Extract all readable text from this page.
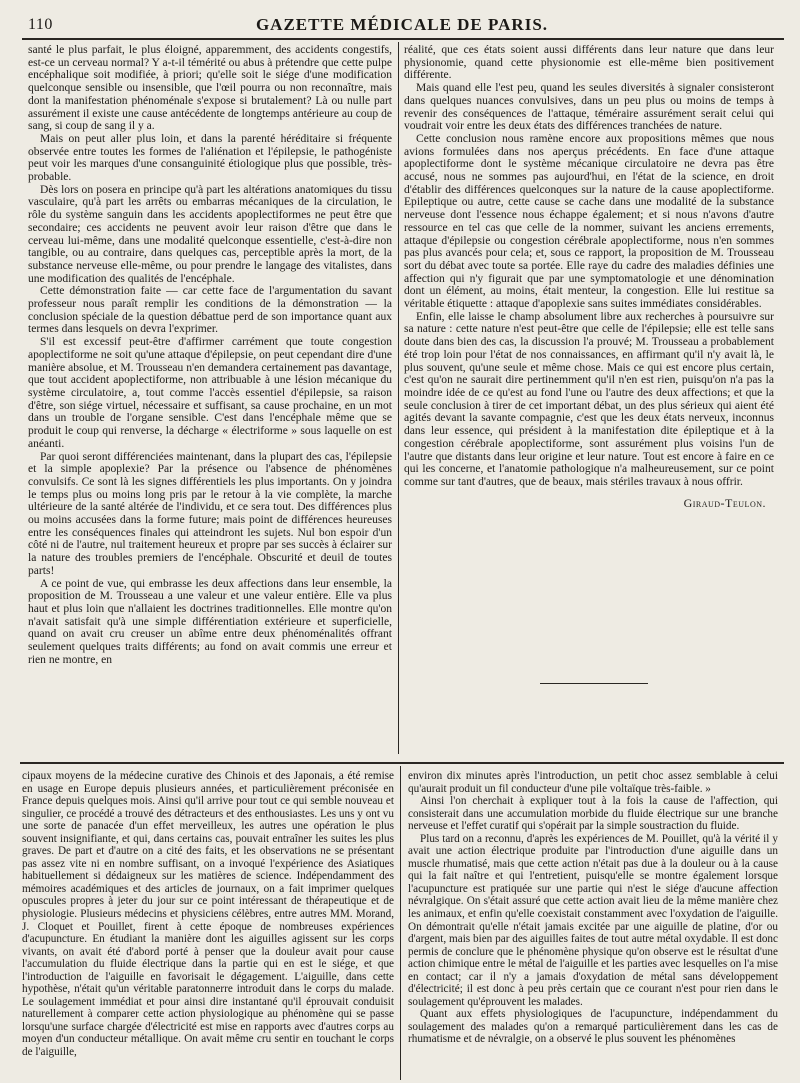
110	GAZETTE MÉDICALE DE PARIS.

santé le plus parfait, le plus éloigné, apparemment, des accidents congestifs, est-ce un cerveau normal? Y a-t-il témérité ou abus à prétendre que cette pulpe encéphalique soit modifiée, à priori; qu'elle soit le siége d'une modification quelconque sensible ou insensible, que l'œil pourra ou non reconnaître, mais dont la manifestation phénoménale s'expose si brutalement? Là ou nulle part assurément il existe une cause antécédente de longtemps antérieure au coup de sang, si coup de sang il y a.

Mais on peut aller plus loin, et dans la parenté héréditaire si fréquente observée entre toutes les formes de l'aliénation et l'épilepsie, le pathogéniste peut voir les marques d'une consanguinité étiologique plus que possible, très-probable.

Dès lors on posera en principe qu'à part les altérations anatomiques du tissu vasculaire, qu'à part les arrêts ou embarras mécaniques de la circulation, le rôle du système sanguin dans les accidents apoplectiformes ne peut être que secondaire; ces accidents ne peuvent avoir leur raison d'être que dans le cerveau lui-même, dans une modalité quelconque essentielle, c'est-à-dire non tangible, ou au contraire, dans quelques cas, perceptible après la mort, de la substance nerveuse elle-même, ou pour prendre le langage des vitalistes, dans une modification des qualités de l'encéphale.

Cette démonstration faite — car cette face de l'argumentation du savant professeur nous paraît remplir les conditions de la démonstration — la conclusion spéciale de la question débattue perd de son importance quant aux termes dans lesquels on devra l'exprimer.

S'il est excessif peut-être d'affirmer carrément que toute congestion apoplectiforme ne soit qu'une attaque d'épilepsie, on peut cependant dire d'une manière absolue, et M. Trousseau n'en demandera certainement pas davantage, que tout accident apoplectiforme, non attribuable à une lésion mécanique du système circulatoire, a, tout comme l'accès essentiel d'épilepsie, sa raison d'être, son siége virtuel, nécessaire et suffisant, sa cause prochaine, en un mot dans un trouble de l'organe sensible. C'est dans l'encéphale même que se produit le coup qui renverse, la décharge « électriforme » sous laquelle on est anéanti.

Par quoi seront différenciées maintenant, dans la plupart des cas, l'épilepsie et la simple apoplexie? Par la présence ou l'absence de phénomènes convulsifs. Ce sont là les signes différentiels les plus importants. On y joindra le temps plus ou moins long pris par le retour à la vie complète, la marche ultérieure de la santé altérée de l'individu, et ce sera tout. Des différences plus ou moins accusées dans la forme future; mais point de différences heureuses entre les conséquences finales qui atteindront les sujets. Nul bon espoir d'un côté ni de l'autre, nul traitement heureux et propre par ses succès à éclairer sur la nature des troubles premiers de l'encéphale. Obscurité et deuil de toutes parts!

A ce point de vue, qui embrasse les deux affections dans leur ensemble, la proposition de M. Trousseau a une valeur et une valeur entière. Elle va plus haut et plus loin que n'allaient les doctrines traditionnelles. Elle montre qu'on n'avait satisfait qu'à une simple différentiation extérieure et superficielle, quand on avait cru creuser un abîme entre deux phénoménalités offrant seulement quelques traits différents; au fond on avait commis une erreur et rien ne montre, en

réalité, que ces états soient aussi différents dans leur nature que dans leur physionomie, quand cette physionomie est elle-même bien positivement différente.

Mais quand elle l'est peu, quand les seules diversités à signaler consisteront dans quelques nuances convulsives, dans un peu plus ou moins de temps à revenir des conséquences de l'attaque, téméraire assurément serait celui qui voudrait voir entre les deux états des différences tranchées de nature.

Cette conclusion nous ramène encore aux propositions mêmes que nous avions formulées dans nos aperçus précédents. En face d'une attaque apoplectiforme dont le système mécanique circulatoire ne devra pas être accusé, nous ne sommes pas aujourd'hui, en l'état de la science, en droit d'établir des différences quelconques sur la nature de la cause apoplectiforme. Epileptique ou autre, cette cause se cache dans une modalité de la substance nerveuse dont l'essence nous échappe également; et si nous n'avons d'autre ressource en tel cas que celle de la nommer, suivant les anciens errements, attaque d'épilepsie ou congestion cérébrale apoplectiforme, nous n'en sommes pas plus avancés pour cela; et, sous ce rapport, la proposition de M. Trousseau sort du débat avec toute sa portée. Elle raye du cadre des maladies définies une affection qui n'y figurait que par une symptomatologie et une dénomination dont un élément, au moins, était menteur, la congestion. Elle lui restitue sa véritable étiquette : attaque d'apoplexie sans suites immédiates considérables.

Enfin, elle laisse le champ absolument libre aux recherches à poursuivre sur sa nature : cette nature n'est peut-être que celle de l'épilepsie; elle est telle sans doute dans bien des cas, la discussion l'a prouvé; M. Trousseau a probablement été trop loin pour l'état de nos connaissances, en affirmant qu'il n'y avait là, le plus souvent, qu'une seule et même chose. Mais ce qui est encore plus certain, c'est qu'on ne saurait dire pertinemment qu'il n'en est rien, puisqu'on n'a pas la moindre idée de ce qu'est au fond l'une ou l'autre des deux affections; et que la seule conclusion à tirer de cet important débat, un des plus sérieux qui aient été agités devant la savante compagnie, c'est que les deux états nerveux, inconnus dans leur essence, qui président à la manifestation dite épileptique et à la congestion cérébrale apoplectiforme, sont assurément plus voisins l'un de l'autre que distants dans leur origine et leur nature. Tout est encore à faire en ce qui les concerne, et l'anatomie pathologique n'a malheureusement, sur ce point comme sur tant d'autres, que de beaux, mais stériles travaux à nous offrir.

Giraud-Teulon.

cipaux moyens de la médecine curative des Chinois et des Japonais, a été remise en usage en Europe depuis plusieurs années, et particulièrement préconisée en France depuis quelques mois. Ainsi qu'il arrive pour tout ce qui semble nouveau et singulier, ce procédé a trouvé des détracteurs et des enthousiastes. Les uns y ont vu une sorte de panacée d'un effet merveilleux, les autres une opération le plus souvent insignifiante, et qui, dans certains cas, pouvait entraîner les suites les plus graves. De part et d'autre on a cité des faits, et les observations ne se présentant pas assez vite ni en nombre suffisant, on a invoqué l'expérience des Asiatiques habituellement si dédaigneux sur les matières de science. Indépendamment des mémoires académiques et des articles de journaux, on a fait imprimer quelques opuscules propres à jeter du jour sur ce point intéressant de thérapeutique et de physiologie. Plusieurs médecins et physiciens célèbres, entre autres MM. Morand, J. Cloquet et Pouillet, firent à cette époque de nombreuses expériences d'acupuncture. En étudiant la manière dont les aiguilles agissent sur les corps vivants, on avait été d'abord porté à penser que la douleur avait pour cause l'accumulation du fluide électrique dans la partie qui en est le siége, et que l'introduction de l'aiguille en favorisait le dégagement. L'aiguille, dans cette hypothèse, n'était qu'un véritable paratonnerre introduit dans le corps du malade. Le soulagement immédiat et pour ainsi dire instantané qu'il éprouvait conduisit naturellement à comparer cette action physiologique au phénomène qui se passe lorsqu'une surface chargée d'électricité est mise en rapports avec d'autres corps au moyen d'un conducteur métallique. On avait même cru sentir en touchant le corps de l'aiguille,

environ dix minutes après l'introduction, un petit choc assez semblable à celui qu'aurait produit un fil conducteur d'une pile voltaïque très-faible. »

Ainsi l'on cherchait à expliquer tout à la fois la cause de l'affection, qui consisterait dans une accumulation morbide du fluide électrique sur une branche nerveuse et l'effet curatif qui s'opérait par la simple soustraction du fluide.

Plus tard on a reconnu, d'après les expériences de M. Pouillet, qu'à la vérité il y avait une action électrique produite par l'introduction d'une aiguille dans un muscle rhumatisé, mais que cette action n'était pas due à la douleur ou à la cause qui la fait naître et qui l'entretient, puisqu'elle se montre également lorsque l'acupuncture est pratiquée sur une partie qui n'est le siége d'aucune affection névralgique. On s'était assuré que cette action avait lieu de la même manière chez les animaux, et enfin qu'elle coexistait constamment avec l'oxydation de l'aiguille. On démontrait qu'elle n'était jamais excitée par une aiguille de platine, d'or ou d'argent, mais bien par des aiguilles faites de tout autre métal oxydable. Il est donc permis de conclure que le phénomène physique qu'on observe est le résultat d'une action chimique entre le métal de l'aiguille et les parties avec lesquelles on l'a mise en contact; car il n'y a jamais d'oxydation de métal sans développement d'électricité; il est donc à peu près certain que ce courant n'est pour rien dans le soulagement qu'éprouvent les malades.

Quant aux effets physiologiques de l'acupuncture, indépendamment du soulagement des malades qu'on a remarqué particulièrement dans les cas de rhumatisme et de névralgie, on a observé le plus souvent les phénomènes
